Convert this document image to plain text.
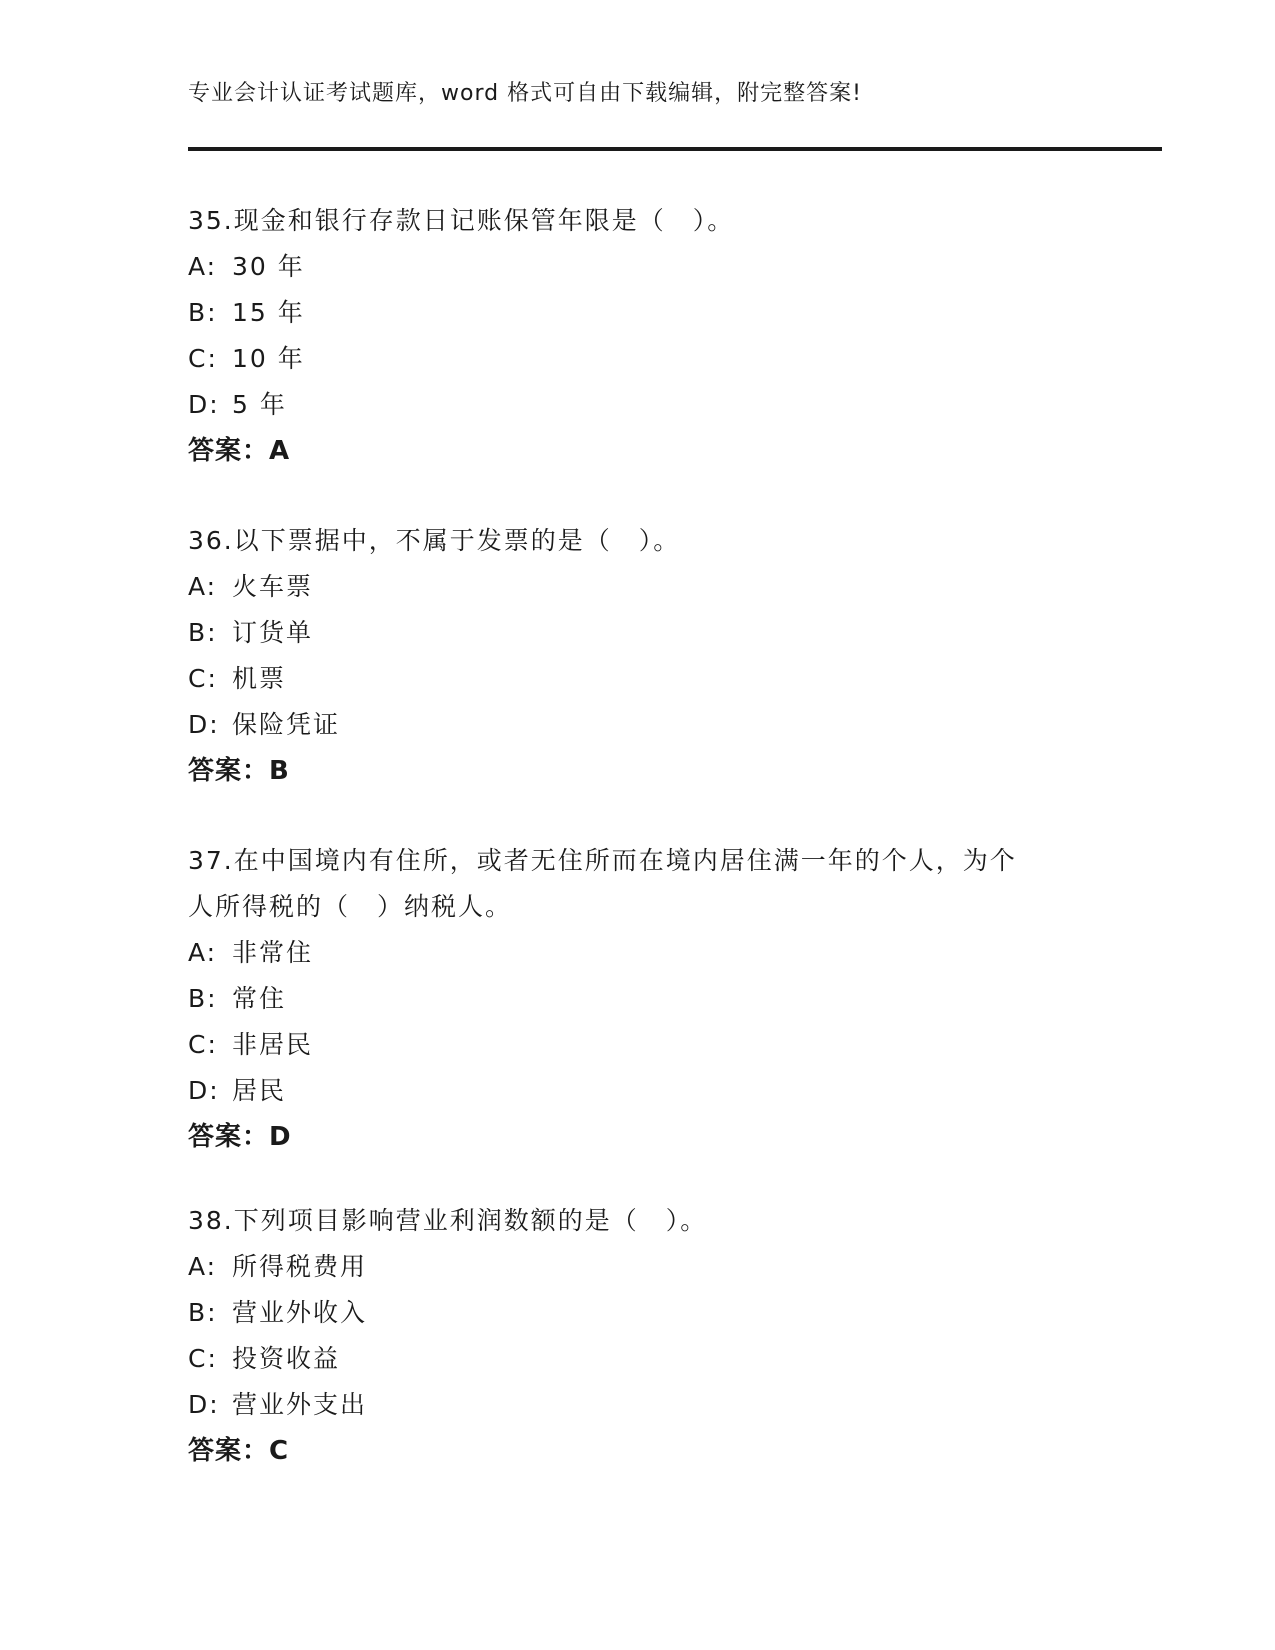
专业会计认证考试题库，word 格式可自由下载编辑，附完整答案!
35.现金和银行存款日记账保管年限是（　）。
A: 30 年
B: 15 年
C: 10 年
D: 5 年
答案：A
36.以下票据中，不属于发票的是（　）。
A: 火车票
B: 订货单
C: 机票
D: 保险凭证
答案：B
37.在中国境内有住所，或者无住所而在境内居住满一年的个人，为个
人所得税的（　）纳税人。
A: 非常住
B: 常住
C: 非居民
D: 居民
答案：D
38.下列项目影响营业利润数额的是（　）。
A: 所得税费用
B: 营业外收入
C: 投资收益
D: 营业外支出
答案：C
